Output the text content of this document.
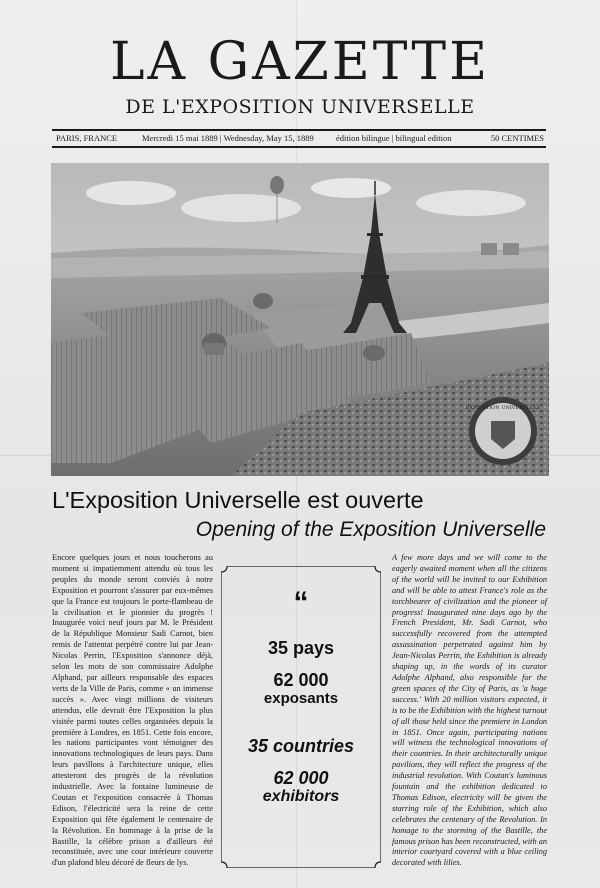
LA GAZETTE
DE L'EXPOSITION UNIVERSELLE
PARIS, FRANCE	Mercredi 15 mai 1889 | Wednesday, May 15, 1889	édition bilingue | bilingual edition	50 CENTIMES
EXPOSITION UNIVERSELLE
L'Exposition Universelle est ouverte
Opening of the Exposition Universelle
Encore quelques jours et nous toucherons au moment si impatiemment attendu où tous les peuples du monde seront conviés à notre Exposition et pourront s'assurer par eux-mêmes que la France est toujours le porte-flambeau de la civilisation et le pionnier du progrès ! Inaugurée voici neuf jours par M. le Président de la République Monsieur Sadi Carnot, bien remis de l'attentat perpétré contre lui par Jean-Nicolas Perrin, l'Exposition s'annonce déjà, selon les mots de son commissaire Adolphe Alphand, par ailleurs responsable des espaces verts de la Ville de Paris, comme « un immense succès ». Avec vingt millions de visiteurs attendus, elle devrait être l'Exposition la plus visitée parmi toutes celles organisées depuis la première à Londres, en 1851. Cette fois encore, les nations participantes vont témoigner des innovations technologiques de leurs pays. Dans leurs pavillons à l'architecture unique, elles attesteront des progrès de la révolution industrielle. Avec la fontaine lumineuse de Coutan et l'exposition consacrée à Thomas Edison, l'électricité sera la reine de cette Exposition qui fête également le centenaire de la Révolution. En hommage à la prise de la Bastille, la célèbre prison a d'ailleurs été reconstituée, avec une cour intérieure couverte d'un plafond bleu décoré de fleurs de lys.
“
35 pays
62 000
exposants
35 countries
62 000
exhibitors
A few more days and we will come to the eagerly awaited moment when all the citizens of the world will be invited to our Exhibition and will be able to attest France's role as the torchbearer of civilization and the pioneer of progress! Inaugurated nine days ago by the French President, Mr. Sadi Carnot, who successfully recovered from the attempted assassination perpetrated against him by Jean-Nicolas Perrin, the Exhibition is already shaping up, in the words of its curator Adolphe Alphand, also responsible for the green spaces of the City of Paris, as 'a huge success.' With 20 million visitors expected, it is to be the Exhibition with the highest turnout of all those held since the premiere in London in 1851. Once again, participating nations will witness the technological innovations of their countries. In their architecturally unique pavilions, they will reflect the progress of the industrial revolution. With Coutan's luminous fountain and the exhibition dedicated to Thomas Edison, electricity will be given the starring role of the Exhibition, which also celebrates the centenary of the Revolution. In homage to the storming of the Bastille, the famous prison has been reconstructed, with an interior courtyard covered with a blue ceiling decorated with lilies.
